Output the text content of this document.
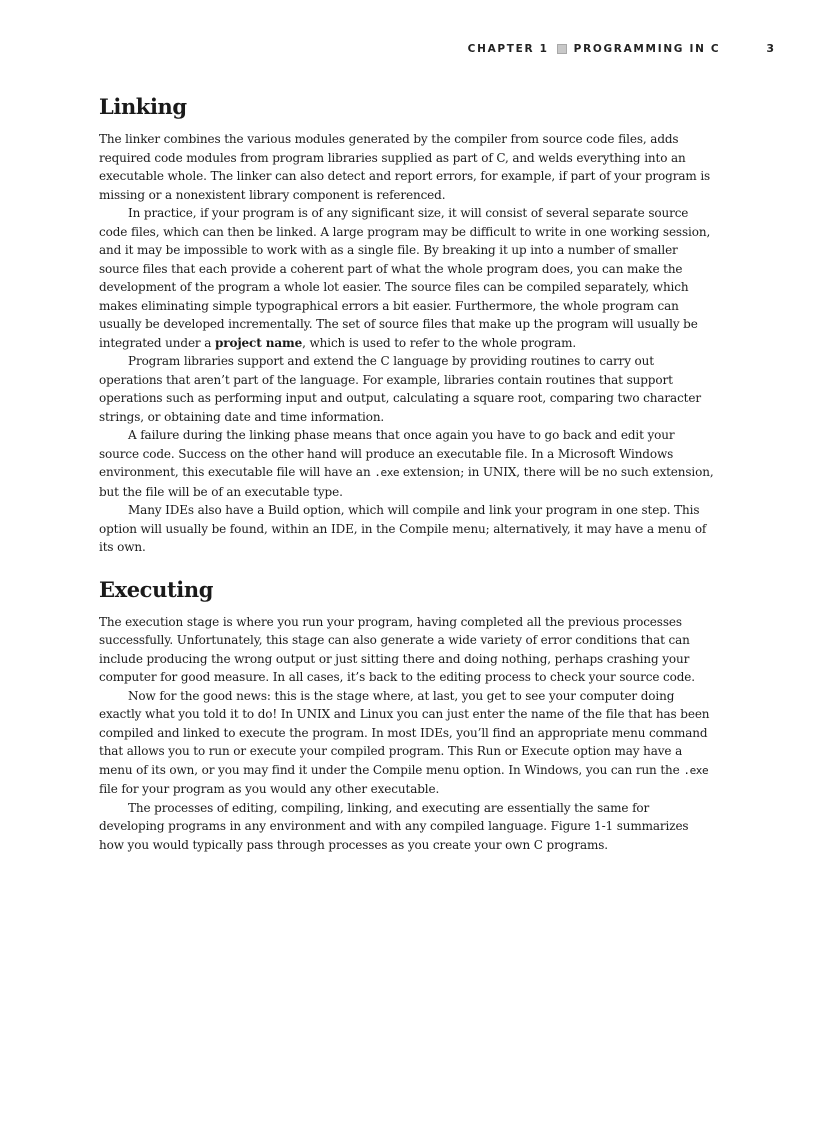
CHAPTER 1 PROGRAMMING IN C	3
Linking

The linker combines the various modules generated by the compiler from source code files, adds required code modules from program libraries supplied as part of C, and welds everything into an executable whole. The linker can also detect and report errors, for example, if part of your program is missing or a nonexistent library component is referenced.

In practice, if your program is of any significant size, it will consist of several separate source code files, which can then be linked. A large program may be difficult to write in one working session, and it may be impossible to work with as a single file. By breaking it up into a number of smaller source files that each provide a coherent part of what the whole program does, you can make the development of the program a whole lot easier. The source files can be compiled separately, which makes eliminating simple typographical errors a bit easier. Furthermore, the whole program can usually be developed incrementally. The set of source files that make up the program will usually be integrated under a project name, which is used to refer to the whole program.

Program libraries support and extend the C language by providing routines to carry out operations that aren’t part of the language. For example, libraries contain routines that support operations such as performing input and output, calculating a square root, comparing two character strings, or obtaining date and time information.

A failure during the linking phase means that once again you have to go back and edit your source code. Success on the other hand will produce an executable file. In a Microsoft Windows environment, this executable file will have an .exe extension; in UNIX, there will be no such extension, but the file will be of an executable type.

Many IDEs also have a Build option, which will compile and link your program in one step. This option will usually be found, within an IDE, in the Compile menu; alternatively, it may have a menu of its own.

Executing

The execution stage is where you run your program, having completed all the previous processes successfully. Unfortunately, this stage can also generate a wide variety of error conditions that can include producing the wrong output or just sitting there and doing nothing, perhaps crashing your computer for good measure. In all cases, it’s back to the editing process to check your source code.

Now for the good news: this is the stage where, at last, you get to see your computer doing exactly what you told it to do! In UNIX and Linux you can just enter the name of the file that has been compiled and linked to execute the program. In most IDEs, you’ll find an appropriate menu command that allows you to run or execute your compiled program. This Run or Execute option may have a menu of its own, or you may find it under the Compile menu option. In Windows, you can run the .exe file for your program as you would any other executable.

The processes of editing, compiling, linking, and executing are essentially the same for developing programs in any environment and with any compiled language. Figure 1-1 summarizes how you would typically pass through processes as you create your own C programs.
